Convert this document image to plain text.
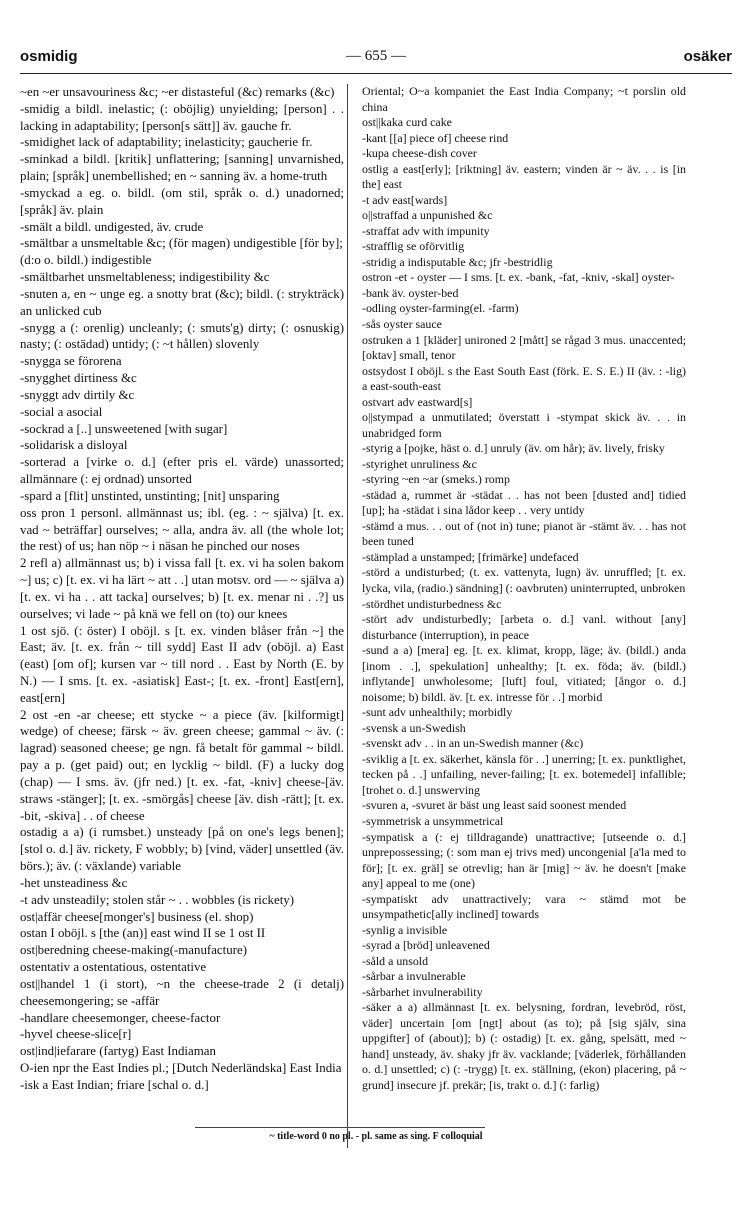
osmidig	— 655 —	osäker

~en ~er unsavouriness &c; ~er distasteful (&c) remarks (&c)

-smidig a bildl. inelastic; (: oböjlig) unyielding; [person] . . lacking in adaptability; [person[s sätt]] äv. gauche fr.

-smidighet lack of adaptability; inelasticity; gaucherie fr.

-sminkad a bildl. [kritik] unflattering; [sanning] unvarnished, plain; [språk] unembellished; en ~ sanning äv. a home-truth

-smyckad a eg. o. bildl. (om stil, språk o. d.) unadorned; [språk] äv. plain

-smält a bildl. undigested, äv. crude

-smältbar a unsmeltable &c; (för magen) undigestible [för by];

(d:o o. bildl.) indigestible

-smältbarhet unsmeltableness; indigestibility &c

-snuten a, en ~ unge eg. a snotty brat (&c); bildl. (: strykträck) an unlicked cub

-snygg a (: orenlig) uncleanly; (: smuts'g) dirty; (: osnuskig) nasty; (: ostädad) untidy; (: ~t hållen) slovenly

-snygga se förorena

-snygghet dirtiness &c

-snyggt adv dirtily &c

-social a asocial

-sockrad a [..] unsweetened [with sugar]

-solidarisk a disloyal

-sorterad a [virke o. d.] (efter pris el. värde) unassorted; allmännare (: ej ordnad) unsorted

-spard a [flit] unstinted, unstinting; [nit] unsparing

oss pron 1 personl. allmännast us; ibl. (eg. : ~ själva) [t. ex. vad ~ beträffar] ourselves; ~ alla, andra äv. all (the whole lot; the rest) of us; han nöp ~ i näsan he pinched our noses

2 refl a) allmännast us; b) i vissa fall [t. ex. vi ha solen bakom ~] us; c) [t. ex. vi ha lärt ~ att . .] utan motsv. ord — ~ själva a) [t. ex. vi ha . . att tacka] ourselves; b) [t. ex. menar ni . .?] us ourselves; vi lade ~ på knä we fell on (to) our knees

1 ost sjö. (: öster) I oböjl. s [t. ex. vinden blåser från ~] the East; äv. [t. ex. från ~ till sydd] East II adv (oböjl. a) East (east) [om of]; kursen var ~ till nord . . East by North (E. by N.) — I sms. [t. ex. -asiatisk] East-; [t. ex. -front] East[ern], east[ern]

2 ost -en -ar cheese; ett stycke ~ a piece (äv. [kilformigt] wedge) of cheese; färsk ~ äv. green cheese; gammal ~ äv. (: lagrad) seasoned cheese; ge ngn. få betalt för gammal ~ bildl. pay a p. (get paid) out; en lycklig ~ bildl. (F) a lucky dog (chap) — I sms. äv. (jfr ned.) [t. ex. -fat, -kniv] cheese-[äv. straws -stänger]; [t. ex. -smörgås] cheese [äv. dish -rätt]; [t. ex. -bit, -skiva] . . of cheese

ostadig a a) (i rumsbet.) unsteady [på on one's legs benen]; [stol o. d.] äv. rickety, F wobbly; b) [vind, väder] unsettled (äv. börs.); äv. (: växlande) variable

-het unsteadiness &c

-t adv unsteadily; stolen står ~ . . wobbles (is rickety)

ost|affär cheese[monger's] business (el. shop)

ostan I oböjl. s [the (an)] east wind II se 1 ost II

ost|beredning cheese-making(-manufacture)

ostentativ a ostentatious, ostentative

ost||handel 1 (i stort), ~n the cheese-trade 2 (i detalj) cheesemongering; se -affär

-handlare cheesemonger, cheese-factor

-hyvel cheese-slice[r]

ost|ind|iefarare (fartyg) East Indiaman

O-ien npr the East Indies pl.; [Dutch Nederländska] East India

-isk a East Indian; friare [schal o. d.]

Oriental; O~a kompaniet the East India Company; ~t porslin old china

ost||kaka curd cake

-kant [[a] piece of] cheese rind

-kupa cheese-dish cover

ostlig a east[erly]; [riktning] äv. eastern; vinden är ~ äv. . . is [in the] east

-t adv east[wards]

o||straffad a unpunished &c

-straffat adv with impunity

-strafflig se oförvitlig

-stridig a indisputable &c; jfr -bestridlig

ostron -et - oyster — I sms. [t. ex. -bank, -fat, -kniv, -skal] oyster-

-bank äv. oyster-bed

-odling oyster-farming(el. -farm)

-sås oyster sauce

ostruken a 1 [kläder] unironed 2 [mått] se rågad 3 mus. unaccented; [oktav] small, tenor

ostsydost I oböjl. s the East South East (förk. E. S. E.) II (äv. : -lig) a east-south-east

ostvart adv eastward[s]

o||stympad a unmutilated; överstatt i -stympat skick äv. . . in unabridged form

-styrig a [pojke, häst o. d.] unruly (äv. om hår); äv. lively, frisky

-styrighet unruliness &c

-styring ~en ~ar (smeks.) romp

-städad a, rummet är -städat . . has not been [dusted and] tidied [up]; ha -städat i sina lådor keep . . very untidy

-stämd a mus. . . out of (not in) tune; pianot är -stämt äv. . . has not been tuned

-stämplad a unstamped; [frimärke] undefaced

-störd a undisturbed; (t. ex. vattenyta, lugn) äv. unruffled; [t. ex. lycka, vila, (radio.) sändning] (: oavbruten) uninterrupted, unbroken

-stördhet undisturbedness &c

-stört adv undisturbedly; [arbeta o. d.] vanl. without [any] disturbance (interruption), in peace

-sund a a) [mera] eg. [t. ex. klimat, kropp, läge; äv. (bildl.) anda [inom . .], spekulation] unhealthy; [t. ex. föda; äv. (bildl.) inflytande] unwholesome; [luft] foul, vitiated; [ångor o. d.] noisome; b) bildl. äv. [t. ex. intresse för . .] morbid

-sunt adv unhealthily; morbidly

-svensk a un-Swedish

-svenskt adv . . in an un-Swedish manner (&c)

-sviklig a [t. ex. säkerhet, känsla för . .] unerring; [t. ex. punktlighet, tecken på . .] unfailing, never-failing; [t. ex. botemedel] infallible; [trohet o. d.] unswerving

-svuren a, -svuret är bäst ung least said soonest mended

-symmetrisk a unsymmetrical

-sympatisk a (: ej tilldragande) unattractive; [utseende o. d.] unprepossessing; (: som man ej trivs med) uncongenial [a'la med to för]; [t. ex. gräl] se otrevlig; han är [mig] ~ äv. he doesn't [make any] appeal to me (one)

-sympatiskt adv unattractively; vara ~ stämd mot be unsympathetic[ally inclined] towards

-synlig a invisible

-syrad a [bröd] unleavened

-såld a unsold

-sårbar a invulnerable

-sårbarhet invulnerability

-säker a a) allmännast [t. ex. belysning, fordran, levebröd, röst, väder] uncertain [om [ngt] about (as to); på [sig själv, sina uppgifter] of (about)]; b) (: ostadig) [t. ex. gång, spelsätt, med ~ hand] unsteady, äv. shaky jfr äv. vacklande; [väderlek, förhållanden o. d.] unsettled; c) (: -trygg) [t. ex. ställning, (ekon) placering, på ~ grund] insecure jf. prekär; [is, trakt o. d.] (: farlig)

~ title-word 0 no pl. - pl. same as sing. F colloquial
